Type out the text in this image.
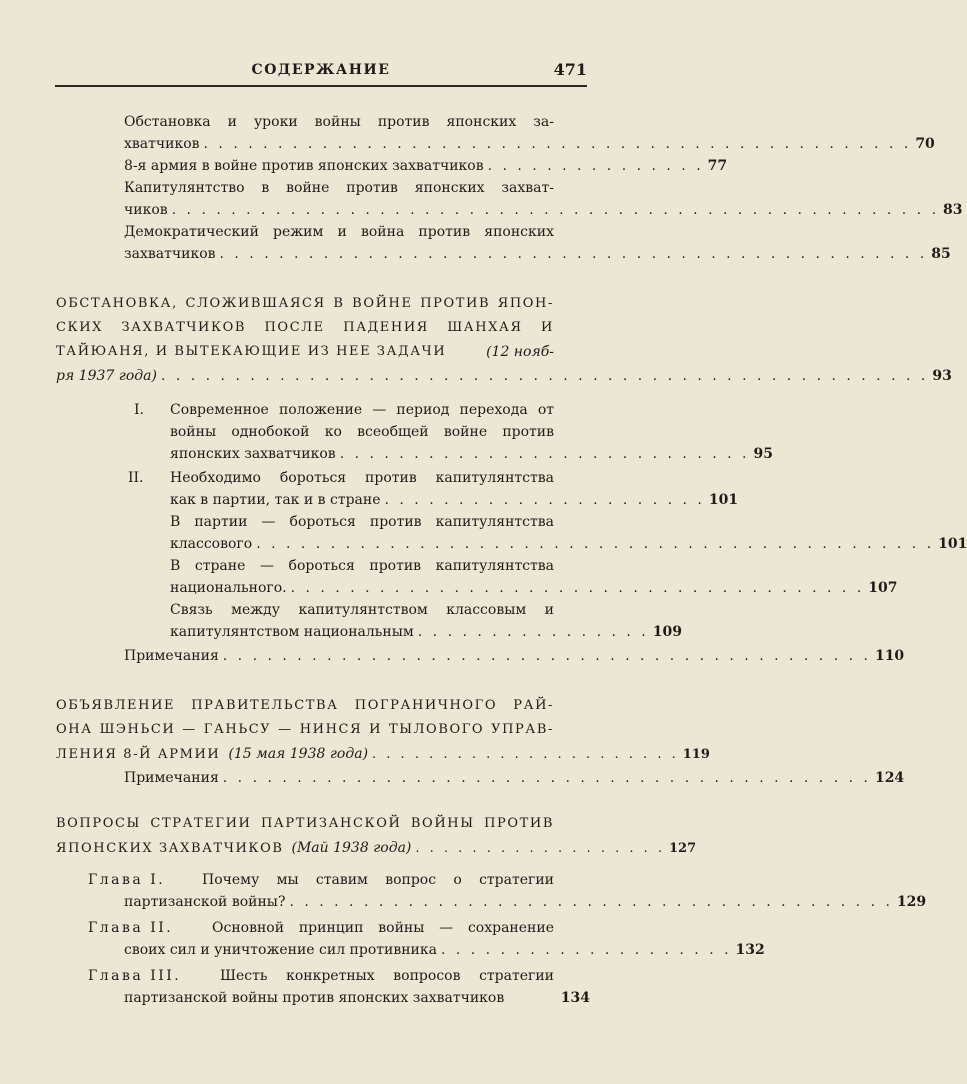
СОДЕРЖАНИЕ	471
Обстановка и уроки войны против японских за-
хватчиков . . . . . . . . . . . . . . . . . . . . . . . . . . . . . . . . . . . . . . . . . . . . . . . . 70
8-я армия в войне против японских захватчиков . . . . . . . . . . . . . . . 77
Капитулянтство в войне против японских захват-
чиков . . . . . . . . . . . . . . . . . . . . . . . . . . . . . . . . . . . . . . . . . . . . . . . . . . . . 83
Демократический режим и война против японских
захватчиков . . . . . . . . . . . . . . . . . . . . . . . . . . . . . . . . . . . . . . . . . . . . . . . . 85
ОБСТАНОВКА, СЛОЖИВШАЯСЯ В ВОЙНЕ ПРОТИВ ЯПОН-
СКИХ ЗАХВАТЧИКОВ ПОСЛЕ ПАДЕНИЯ ШАНХАЯ И
ТАЙЮАНЯ, И ВЫТЕКАЮЩИЕ ИЗ НЕЕ ЗАДАЧИ	(12 нояб-
ря 1937 года) . . . . . . . . . . . . . . . . . . . . . . . . . . . . . . . . . . . . . . . . . . . . . . . . . . . . 93
I.	Современное положение — период перехода от
войны однобокой ко всеобщей войне против
японских захватчиков . . . . . . . . . . . . . . . . . . . . . . . . . . . . 95
II.	Необходимо бороться против капитулянтства
как в партии, так и в стране . . . . . . . . . . . . . . . . . . . . . . 101
В партии — бороться против капитулянтства
классового . . . . . . . . . . . . . . . . . . . . . . . . . . . . . . . . . . . . . . . . . . . . . . 101
В стране — бороться против капитулянтства
национального. . . . . . . . . . . . . . . . . . . . . . . . . . . . . . . . . . . . . . . . 107
Связь между капитулянтством классовым и
капитулянтством национальным . . . . . . . . . . . . . . . . 109
Примечания . . . . . . . . . . . . . . . . . . . . . . . . . . . . . . . . . . . . . . . . . . . . 110
ОБЪЯВЛЕНИЕ ПРАВИТЕЛЬСТВА ПОГРАНИЧНОГО РАЙ-
ОНА ШЭНЬСИ — ГАНЬСУ — НИНСЯ И ТЫЛОВОГО УПРАВ-
ЛЕНИЯ 8-Й АРМИИ (15 мая 1938 года) . . . . . . . . . . . . . . . . . . . . . . 119
Примечания . . . . . . . . . . . . . . . . . . . . . . . . . . . . . . . . . . . . . . . . . . . . 124
ВОПРОСЫ СТРАТЕГИИ ПАРТИЗАНСКОЙ ВОЙНЫ ПРОТИВ
ЯПОНСКИХ ЗАХВАТЧИКОВ (Май 1938 года) . . . . . . . . . . . . . . . . . . 127
Глава I.	Почему мы ставим вопрос о стратегии
партизанской войны? . . . . . . . . . . . . . . . . . . . . . . . . . . . . . . . . . . . . . . . . . 129
Глава II.	Основной принцип войны — сохранение
своих сил и уничтожение сил противника . . . . . . . . . . . . . . . . . . . . 132
Глава III.	Шесть конкретных вопросов стратегии
партизанской войны против японских захватчиков	134
